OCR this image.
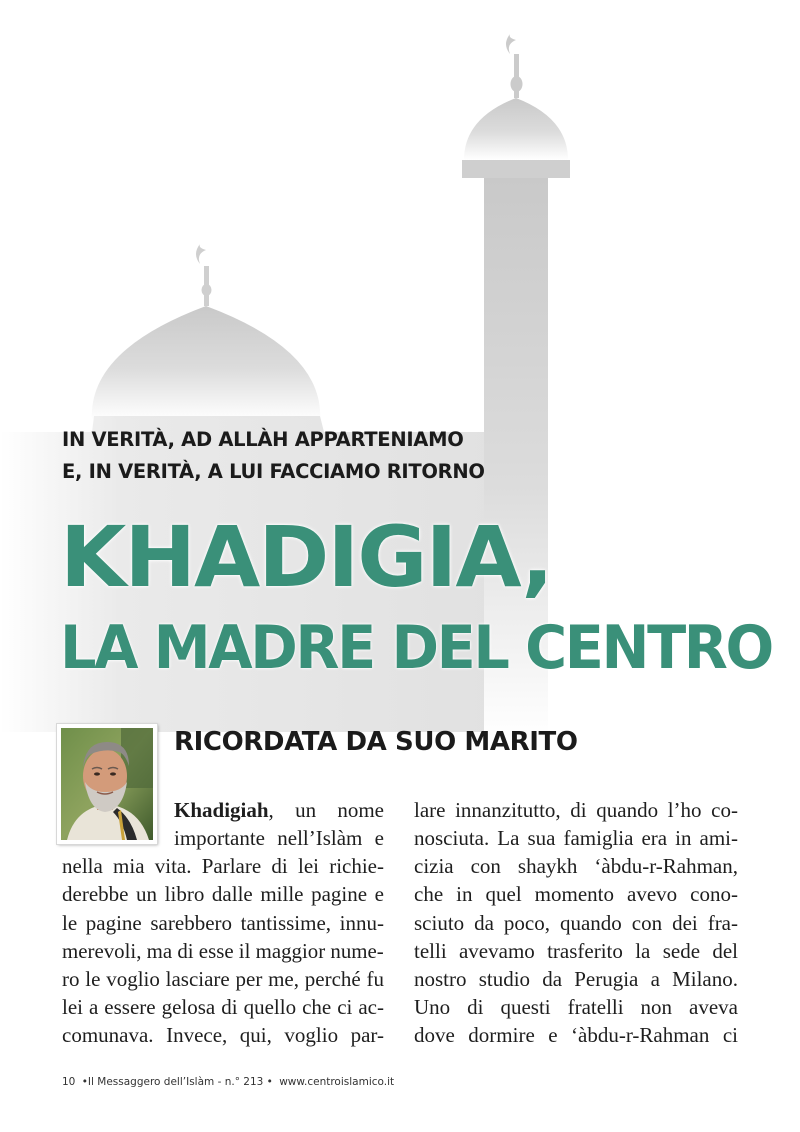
IN VERITÀ, AD ALLÀH APPARTENIAMO
E, IN VERITÀ, A LUI FACCIAMO RITORNO
KHADIGIA,
LA MADRE DEL CENTRO
RICORDATA DA SUO MARITO
Khadigiah, un nome
importante nell’Islàm e
nella mia vita. Parlare di lei richie-
derebbe un libro dalle mille pagine e
le pagine sarebbero tantissime, innu-
merevoli, ma di esse il maggior nume-
ro le voglio lasciare per me, perché fu
lei a essere gelosa di quello che ci ac-
comunava. Invece, qui, voglio par-
lare innanzitutto, di quando l’ho co-
nosciuta. La sua famiglia era in ami-
cizia con shaykh ‘àbdu-r-Rahman,
che in quel momento avevo cono-
sciuto da poco, quando con dei fra-
telli avevamo trasferito la sede del
nostro studio da Perugia a Milano.
Uno di questi fratelli non aveva
dove dormire e ‘àbdu-r-Rahman ci
10 •Il Messaggero dell’Islàm - n.° 213 • www.centroislamico.it
